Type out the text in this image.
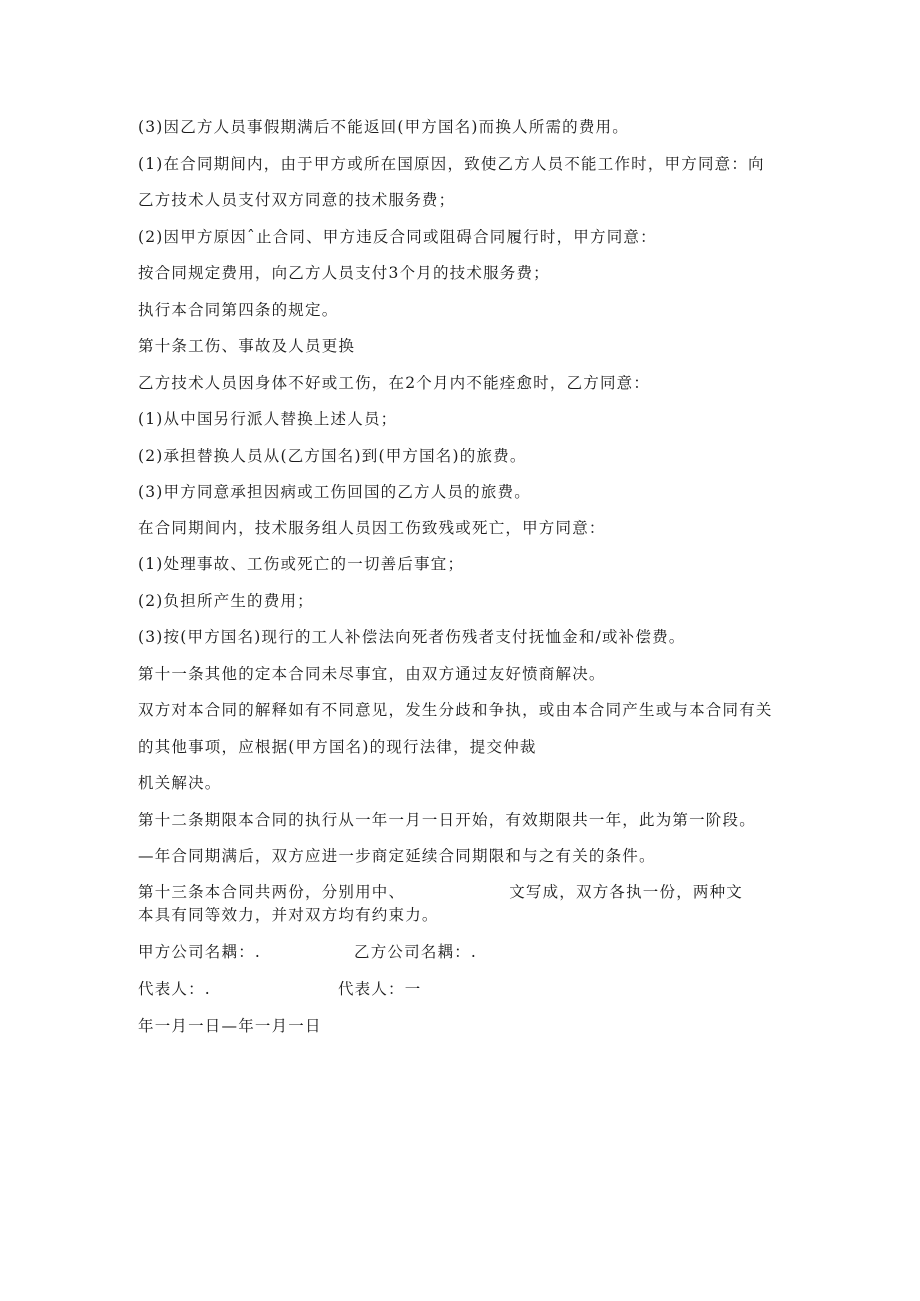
(3)因乙方人员事假期满后不能返回(甲方国名)而换人所需的费用。
(1)在合同期间内，由于甲方或所在国原因，致使乙方人员不能工作时，甲方同意：向
乙方技术人员支付双方同意的技术服务费；
(2)因甲方原因ˆ止合同、甲方违反合同或阻碍合同履行时，甲方同意：
按合同规定费用，向乙方人员支付3个月的技术服务费；
执行本合同第四条的规定。
第十条工伤、事故及人员更换
乙方技术人员因身体不好或工伤，在2个月内不能痊愈时，乙方同意：
(1)从中国另行派人替换上述人员；
(2)承担替换人员从(乙方国名)到(甲方国名)的旅费。
(3)甲方同意承担因病或工伤回国的乙方人员的旅费。
在合同期间内，技术服务组人员因工伤致残或死亡，甲方同意：
(1)处理事故、工伤或死亡的一切善后事宜；
(2)负担所产生的费用；
(3)按(甲方国名)现行的工人补偿法向死者伤残者支付抚恤金和/或补偿费。
第十一条其他的定本合同未尽事宜，由双方通过友好愤商解决。
双方对本合同的解释如有不同意见，发生分歧和争执，或由本合同产生或与本合同有关
的其他事项，应根据(甲方国名)的现行法律，提交仲裁
机关解决。
第十二条期限本合同的执行从一年一月一日开始，有效期限共一年，此为第一阶段。
—年合同期满后，双方应进一步商定延续合同期限和与之有关的条件。
第十三条本合同共两份，分别用中、	文写成，双方各执一份，两种文
本具有同等效力，并对双方均有约束力。
甲方公司名耦：.	乙方公司名耦：.
代表人：.	代表人：一
年一月一日—年一月一日
